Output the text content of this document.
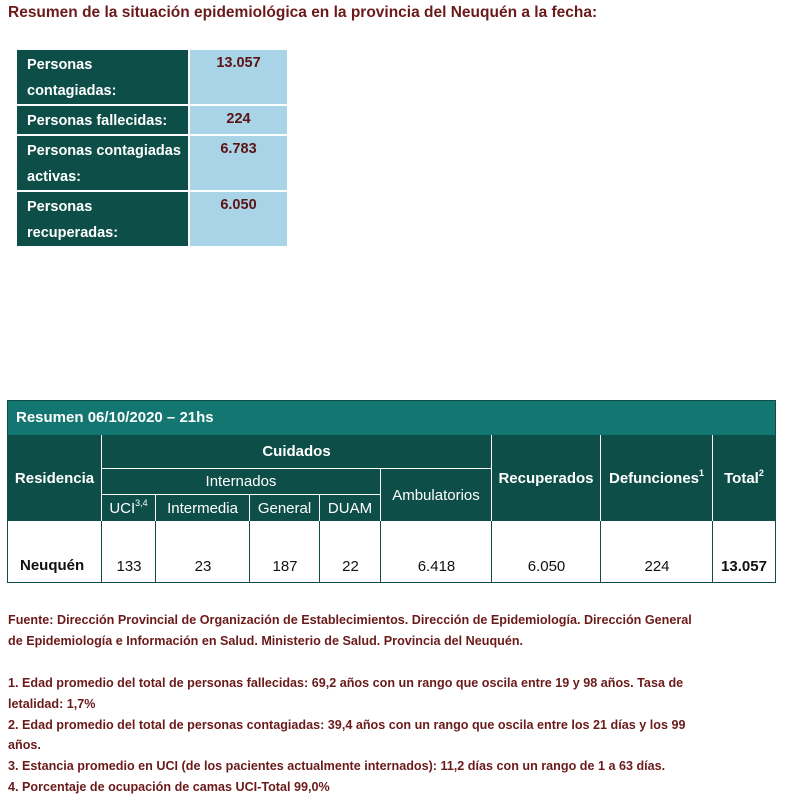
Resumen de la situación epidemiológica en la provincia del Neuquén a la fecha:
Personas contagiadas:	13.057
Personas fallecidas:	224
Personas contagiadas activas:	6.783
Personas recuperadas:	6.050
Resumen 06/10/2020 – 21hs
Residencia
Cuidados
Internados
UCI$^{3,4}$ Intermedia General DUAM
Ambulatorios
Recuperados Defunciones$^1$ Total$^2$
Neuquén	133	23	187	22	6.418	6.050	224	13.057
Fuente: Dirección Provincial de Organización de Establecimientos. Dirección de Epidemiología. Dirección General
de Epidemiología e Información en Salud. Ministerio de Salud. Provincia del Neuquén.
1. Edad promedio del total de personas fallecidas: 69,2 años con un rango que oscila entre 19 y 98 años. Tasa de
letalidad: 1,7%
2. Edad promedio del total de personas contagiadas: 39,4 años con un rango que oscila entre los 21 días y los 99
años.
3. Estancia promedio en UCI (de los pacientes actualmente internados): 11,2 días con un rango de 1 a 63 días.
4. Porcentaje de ocupación de camas UCI-Total 99,0%
